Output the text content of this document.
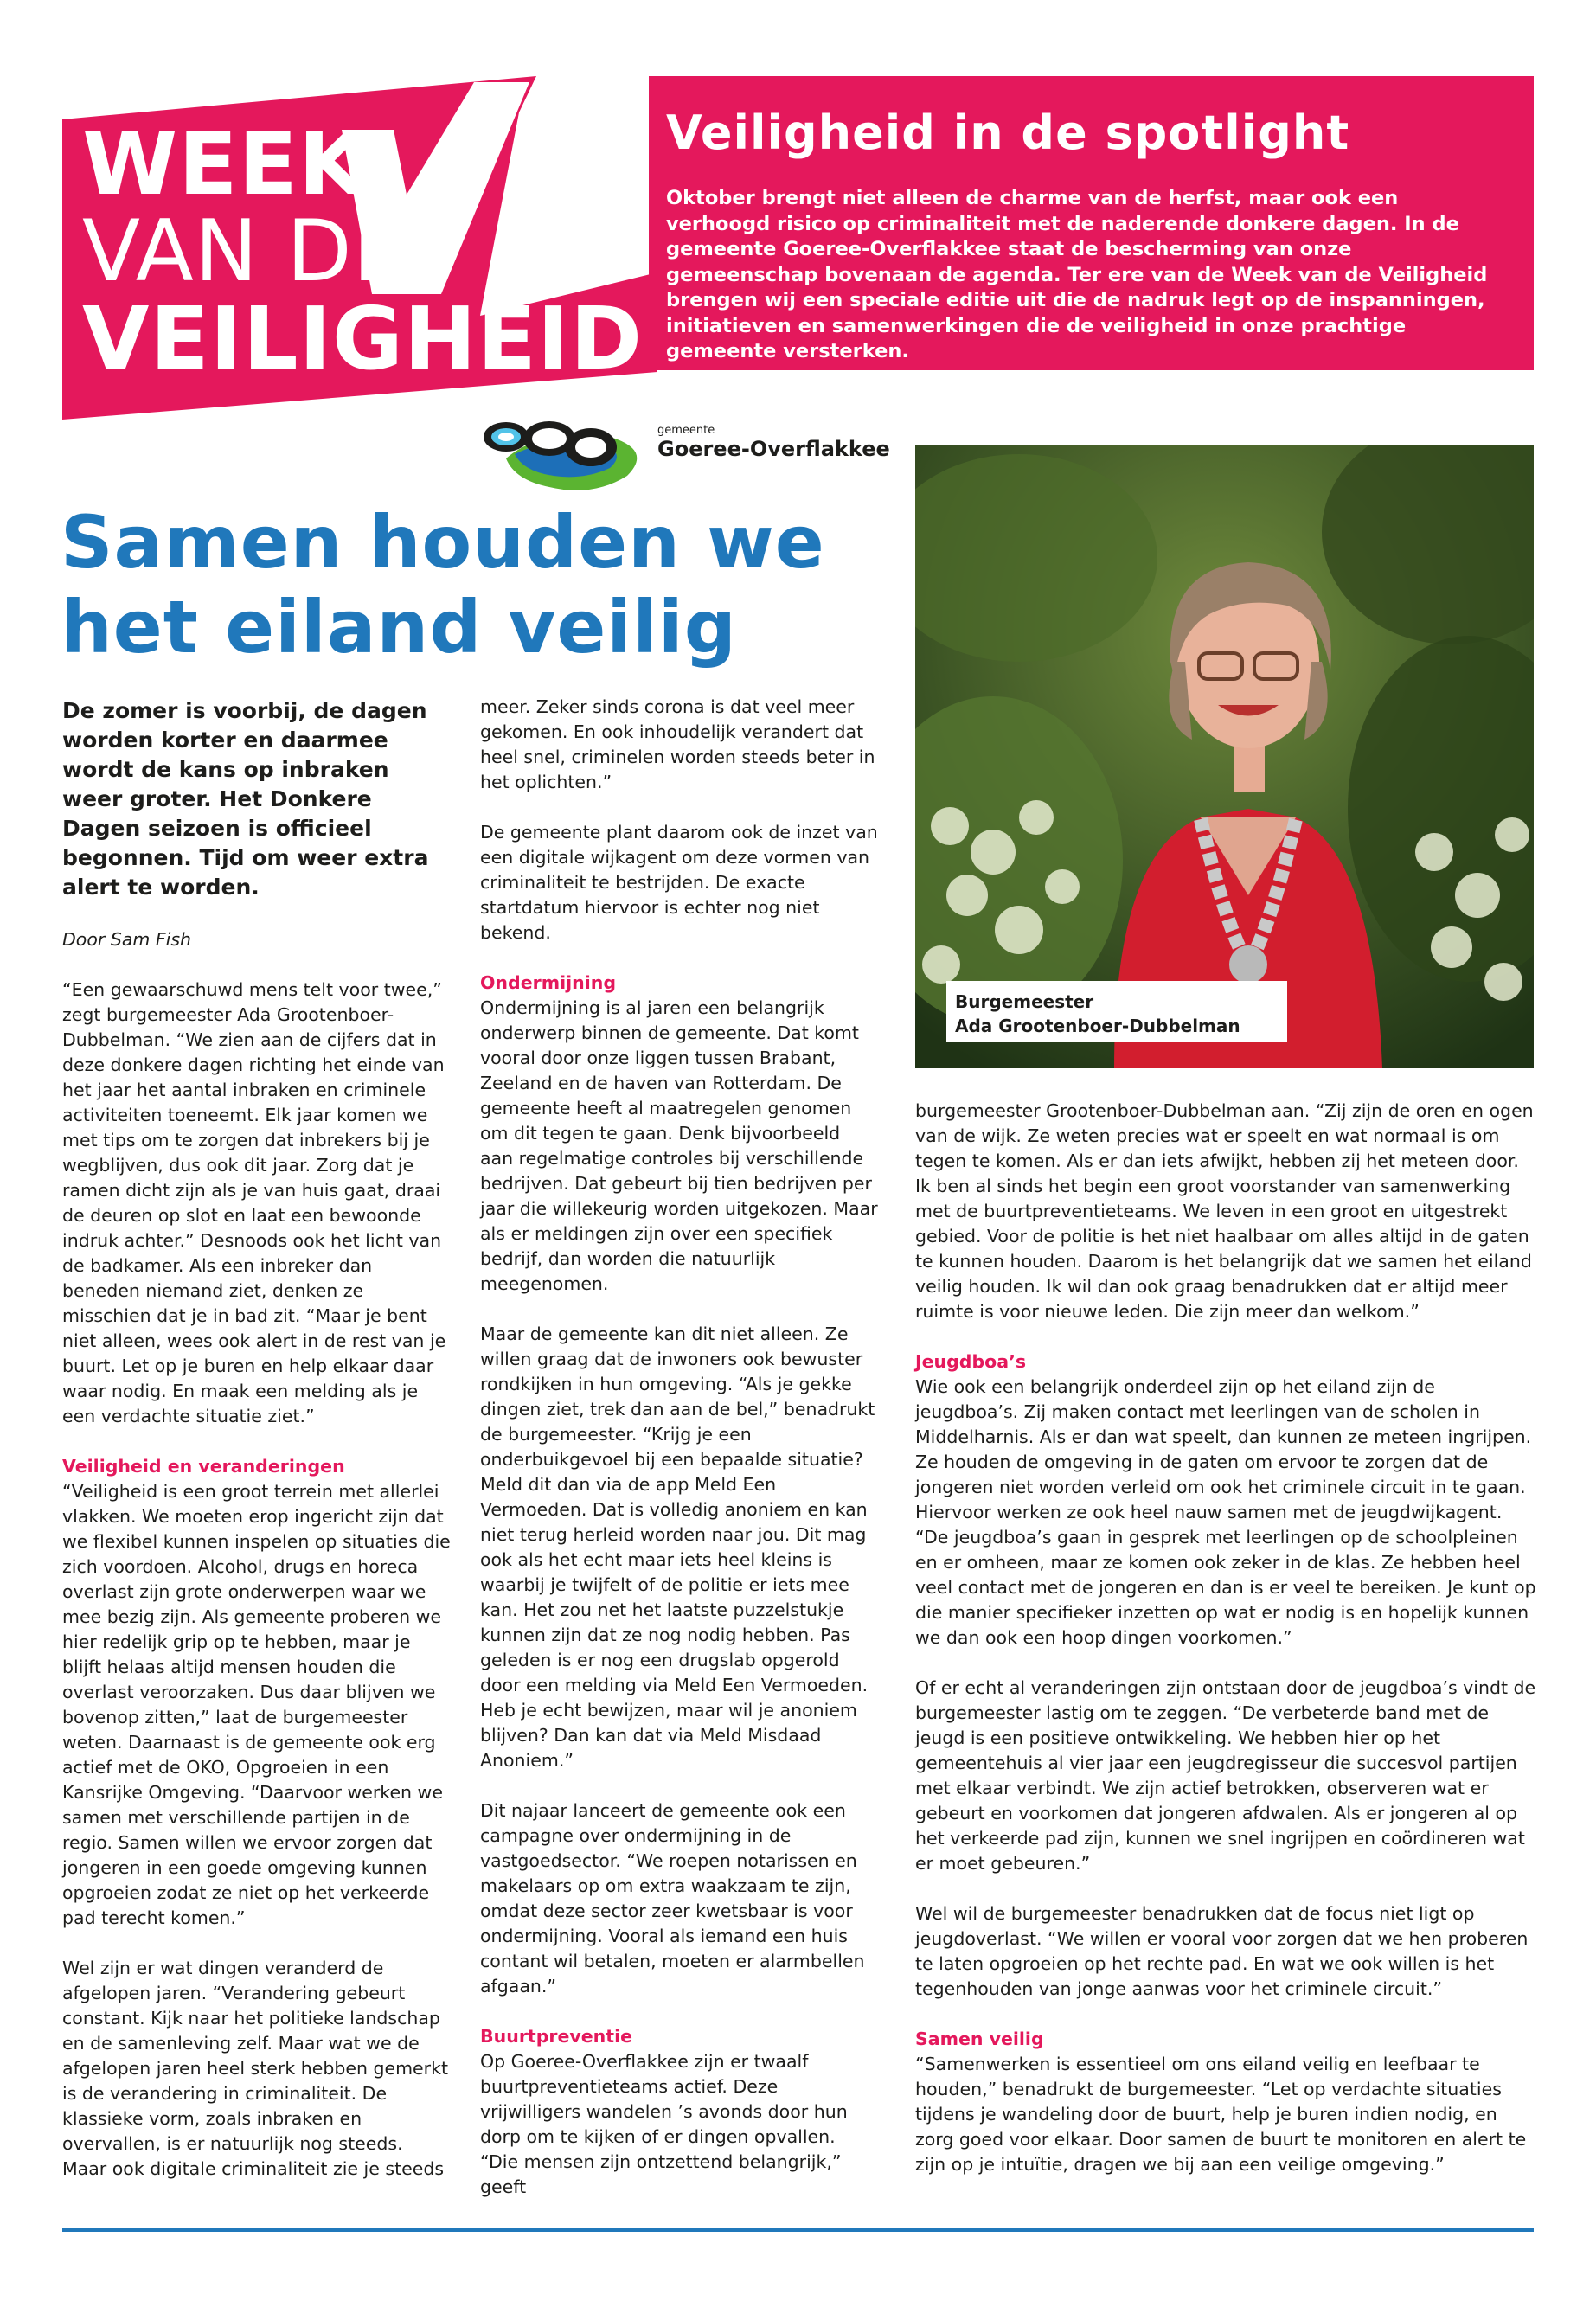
WEEK
VAN DE
VEILIGHEID
Veiligheid in de spotlight
Oktober brengt niet alleen de charme van de herfst, maar ook een verhoogd risico op criminaliteit met de naderende donkere dagen. In de gemeente Goeree-Overflakkee staat de bescherming van onze gemeenschap bovenaan de agenda. Ter ere van de Week van de Veiligheid brengen wij een speciale editie uit die de nadruk legt op de inspanningen, initiatieven en samenwerkingen die de veiligheid in onze prachtige gemeente versterken.
gemeente
Goeree-Overflakkee
Samen houden we het eiland veilig
Burgemeester
Ada Grootenboer-Dubbelman

De zomer is voorbij, de dagen worden korter en daarmee wordt de kans op inbraken weer groter. Het Donkere Dagen seizoen is officieel begonnen. Tijd om weer extra alert te worden.

Door Sam Fish

“Een gewaarschuwd mens telt voor twee,” zegt burgemeester Ada Grootenboer-Dubbelman. “We zien aan de cijfers dat in deze donkere dagen richting het einde van het jaar het aantal inbraken en criminele activiteiten toeneemt. Elk jaar komen we met tips om te zorgen dat inbrekers bij je wegblijven, dus ook dit jaar. Zorg dat je ramen dicht zijn als je van huis gaat, draai de deuren op slot en laat een bewoonde indruk achter.” Desnoods ook het licht van de badkamer. Als een inbreker dan beneden niemand ziet, denken ze misschien dat je in bad zit. “Maar je bent niet alleen, wees ook alert in de rest van je buurt. Let op je buren en help elkaar daar waar nodig. En maak een melding als je een verdachte situatie ziet.”

Veiligheid en veranderingen

“Veiligheid is een groot terrein met allerlei vlakken. We moeten erop ingericht zijn dat we flexibel kunnen inspelen op situaties die zich voordoen. Alcohol, drugs en horeca overlast zijn grote onderwerpen waar we mee bezig zijn. Als gemeente proberen we hier redelijk grip op te hebben, maar je blijft helaas altijd mensen houden die overlast veroorzaken. Dus daar blijven we bovenop zitten,” laat de burgemeester weten. Daarnaast is de gemeente ook erg actief met de OKO, Opgroeien in een Kansrijke Omgeving. “Daarvoor werken we samen met verschillende partijen in de regio. Samen willen we ervoor zorgen dat jongeren in een goede omgeving kunnen opgroeien zodat ze niet op het verkeerde pad terecht komen.”

Wel zijn er wat dingen veranderd de afgelopen jaren. “Verandering gebeurt constant. Kijk naar het politieke landschap en de samenleving zelf. Maar wat we de afgelopen jaren heel sterk hebben gemerkt is de verandering in criminaliteit. De klassieke vorm, zoals inbraken en overvallen, is er natuurlijk nog steeds. Maar ook digitale criminaliteit zie je steeds

meer. Zeker sinds corona is dat veel meer gekomen. En ook inhoudelijk verandert dat heel snel, criminelen worden steeds beter in het oplichten.”

De gemeente plant daarom ook de inzet van een digitale wijkagent om deze vormen van criminaliteit te bestrijden. De exacte startdatum hiervoor is echter nog niet bekend.

Ondermijning

Ondermijning is al jaren een belangrijk onderwerp binnen de gemeente. Dat komt vooral door onze liggen tussen Brabant, Zeeland en de haven van Rotterdam. De gemeente heeft al maatregelen genomen om dit tegen te gaan. Denk bijvoorbeeld aan regelmatige controles bij verschillende bedrijven. Dat gebeurt bij tien bedrijven per jaar die willekeurig worden uitgekozen. Maar als er meldingen zijn over een specifiek bedrijf, dan worden die natuurlijk meegenomen.

Maar de gemeente kan dit niet alleen. Ze willen graag dat de inwoners ook bewuster rondkijken in hun omgeving. “Als je gekke dingen ziet, trek dan aan de bel,” benadrukt de burgemeester. “Krijg je een onderbuikgevoel bij een bepaalde situatie? Meld dit dan via de app Meld Een Vermoeden. Dat is volledig anoniem en kan niet terug herleid worden naar jou. Dit mag ook als het echt maar iets heel kleins is waarbij je twijfelt of de politie er iets mee kan. Het zou net het laatste puzzelstukje kunnen zijn dat ze nog nodig hebben. Pas geleden is er nog een drugslab opgerold door een melding via Meld Een Vermoeden. Heb je echt bewijzen, maar wil je anoniem blijven? Dan kan dat via Meld Misdaad Anoniem.”

Dit najaar lanceert de gemeente ook een campagne over ondermijning in de vastgoedsector. “We roepen notarissen en makelaars op om extra waakzaam te zijn, omdat deze sector zeer kwetsbaar is voor ondermijning. Vooral als iemand een huis contant wil betalen, moeten er alarmbellen afgaan.”

Buurtpreventie

Op Goeree-Overflakkee zijn er twaalf buurtpreventieteams actief. Deze vrijwilligers wandelen ’s avonds door hun dorp om te kijken of er dingen opvallen. “Die mensen zijn ontzettend belangrijk,” geeft

burgemeester Grootenboer-Dubbelman aan. “Zij zijn de oren en ogen van de wijk. Ze weten precies wat er speelt en wat normaal is om tegen te komen. Als er dan iets afwijkt, hebben zij het meteen door. Ik ben al sinds het begin een groot voorstander van samenwerking met de buurtpreventieteams. We leven in een groot en uitgestrekt gebied. Voor de politie is het niet haalbaar om alles altijd in de gaten te kunnen houden. Daarom is het belangrijk dat we samen het eiland veilig houden. Ik wil dan ook graag benadrukken dat er altijd meer ruimte is voor nieuwe leden. Die zijn meer dan welkom.”

Jeugdboa’s

Wie ook een belangrijk onderdeel zijn op het eiland zijn de jeugdboa’s. Zij maken contact met leerlingen van de scholen in Middelharnis. Als er dan wat speelt, dan kunnen ze meteen ingrijpen. Ze houden de omgeving in de gaten om ervoor te zorgen dat de jongeren niet worden verleid om ook het criminele circuit in te gaan. Hiervoor werken ze ook heel nauw samen met de jeugdwijkagent. “De jeugdboa’s gaan in gesprek met leerlingen op de schoolpleinen en er omheen, maar ze komen ook zeker in de klas. Ze hebben heel veel contact met de jongeren en dan is er veel te bereiken. Je kunt op die manier specifieker inzetten op wat er nodig is en hopelijk kunnen we dan ook een hoop dingen voorkomen.”

Of er echt al veranderingen zijn ontstaan door de jeugdboa’s vindt de burgemeester lastig om te zeggen. “De verbeterde band met de jeugd is een positieve ontwikkeling. We hebben hier op het gemeentehuis al vier jaar een jeugdregisseur die succesvol partijen met elkaar verbindt. We zijn actief betrokken, observeren wat er gebeurt en voorkomen dat jongeren afdwalen. Als er jongeren al op het verkeerde pad zijn, kunnen we snel ingrijpen en coördineren wat er moet gebeuren.”

Wel wil de burgemeester benadrukken dat de focus niet ligt op jeugdoverlast. “We willen er vooral voor zorgen dat we hen proberen te laten opgroeien op het rechte pad. En wat we ook willen is het tegenhouden van jonge aanwas voor het criminele circuit.”

Samen veilig

“Samenwerken is essentieel om ons eiland veilig en leefbaar te houden,” benadrukt de burgemeester. “Let op verdachte situaties tijdens je wandeling door de buurt, help je buren indien nodig, en zorg goed voor elkaar. Door samen de buurt te monitoren en alert te zijn op je intuïtie, dragen we bij aan een veilige omgeving.”
